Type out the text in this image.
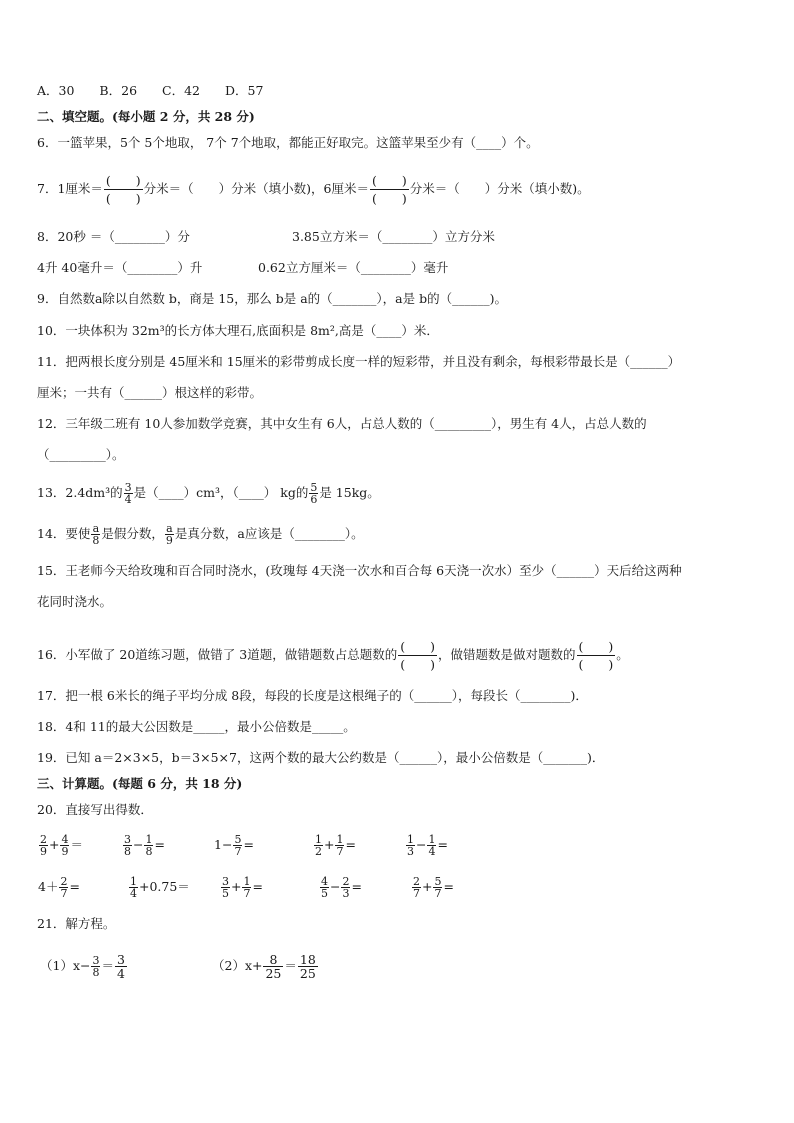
A．30　　B．26　　C．42　　D．57
二、填空题。(每小题 2 分，共 28 分)
6．一篮苹果，5个 5个地取， 7个 7个地取，都能正好取完。这篮苹果至少有（____）个。
7．1厘米＝ $\frac{( )}{( )}$ 分米＝（　　）分米（填小数)，6厘米＝ $\frac{( )}{( )}$ 分米＝（　　）分米（填小数)。
8．20秒 ＝（________）分	3.85立方米＝（________）立方分米
4升 40毫升＝（________）升	0.62立方厘米＝（________）毫升
9．自然数a除以自然数 b，商是 15，那么 b是 a的（_______），a是 b的（______)。
10．一块体积为 32m³的长方体大理石,底面积是 8m²,高是（____）米．
11．把两根长度分别是 45厘米和 15厘米的彩带剪成长度一样的短彩带，并且没有剩余，每根彩带最长是（______）
厘米；一共有（______）根这样的彩带。
12．三年级二班有 10人参加数学竞赛，其中女生有 6人，占总人数的（_________），男生有 4人，占总人数的
（_________）。
13．2.4dm³的 $\frac{3}{4}$ 是（____）cm³，（____） kg的 $\frac{5}{6}$ 是 15kg。
14．要使 $\frac{a}{8}$ 是假分数， $\frac{a}{9}$ 是真分数，a应该是（________）。
15．王老师今天给玫瑰和百合同时浇水，(玫瑰每 4天浇一次水和百合每 6天浇一次水）至少（______）天后给这两种
花同时浇水。
16．小军做了 20道练习题，做错了 3道题，做错题数占总题数的 $\frac{( )}{( )}$ ，做错题数是做对题数的 $\frac{( )}{( )}$ 。
17．把一根 6米长的绳子平均分成 8段，每段的长度是这根绳子的（______），每段长（________)．
18．4和 11的最大公因数是_____，最小公倍数是_____。
19．已知 a＝2×3×5，b＝3×5×7，这两个数的最大公约数是（______），最小公倍数是（_______)．
三、计算题。(每题 6 分，共 18 分)
20．直接写出得数．
$\frac{2}{9} + \frac{4}{9}$ ＝	$\frac{3}{8} - \frac{1}{8}$ =	$1- \frac{5}{7}$ =	$\frac{1}{2} + \frac{1}{7}$ =	$\frac{1}{3} - \frac{1}{4}$ =
$4+ \frac{2}{7}$ =	$\frac{1}{4} +0.75=$	$\frac{3}{5} + \frac{1}{7}$ =	$\frac{4}{5} - \frac{2}{3}$ =	$\frac{2}{7} + \frac{5}{7}$ =
21．解方程。
$(1)x- \frac{3}{8} = \frac{3}{4}$	$(2)x+ \frac{8}{25} = \frac{18}{25}$
